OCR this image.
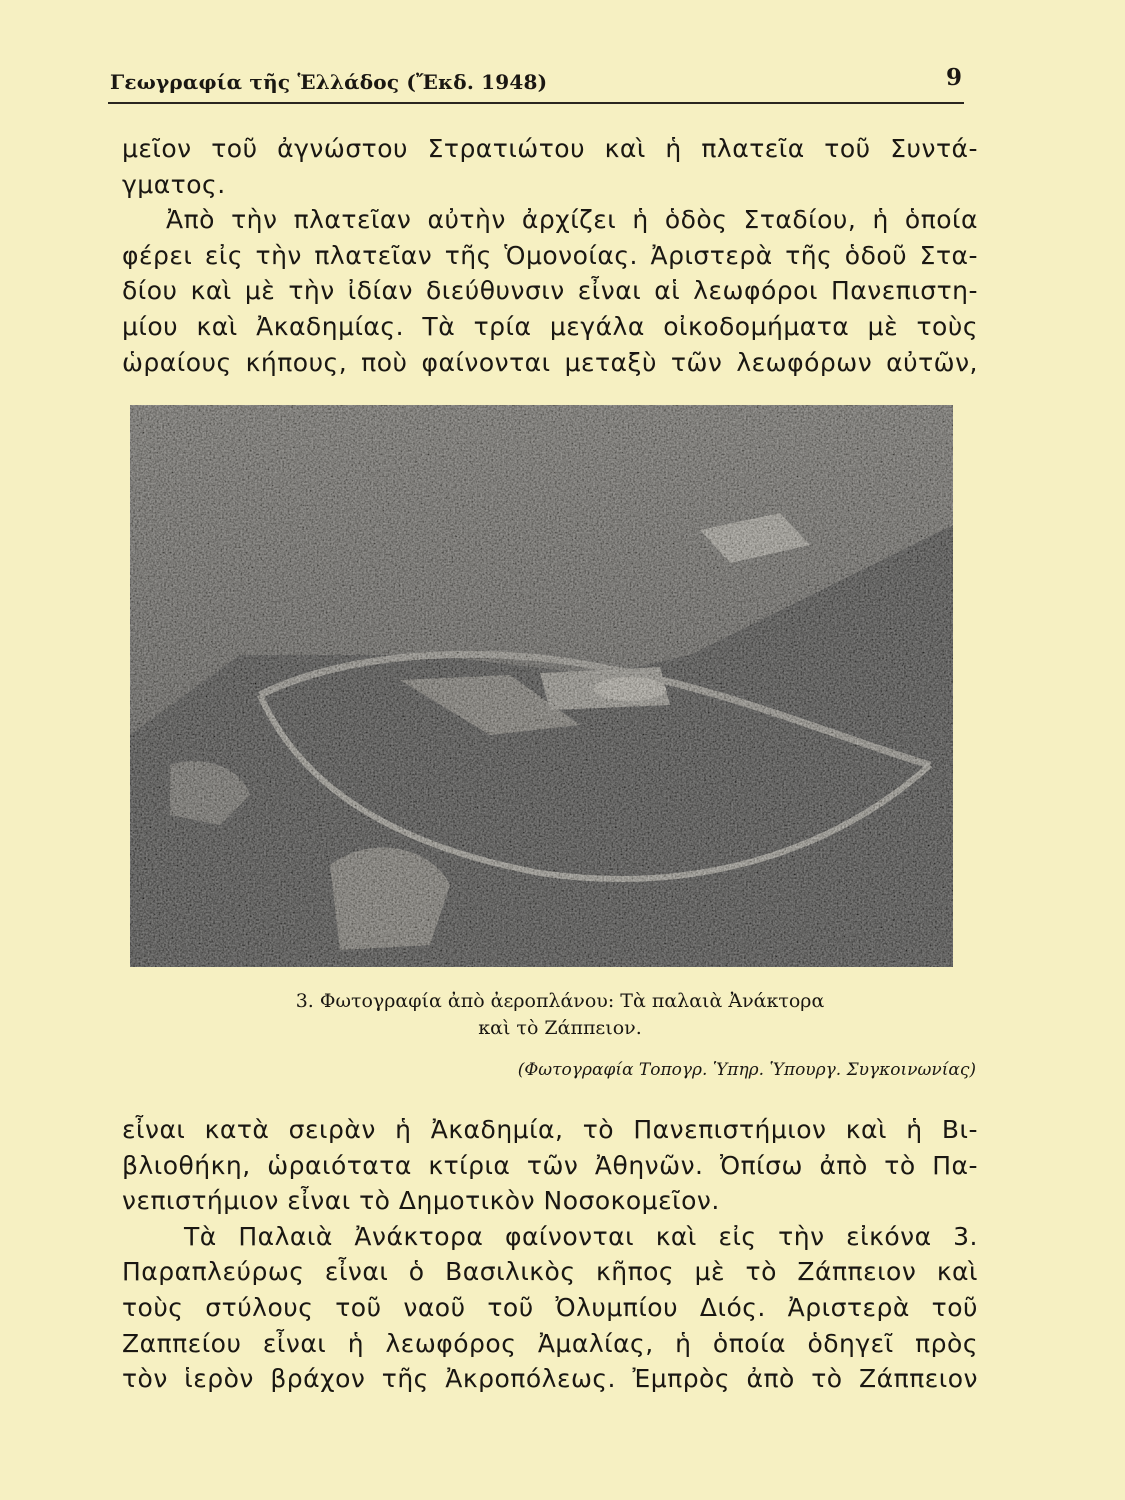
Γεωγραφία τῆς Ἑλλάδος (Ἔκδ. 1948)	9
μεῖον τοῦ ἀγνώστου Στρατιώτου καὶ ἡ πλατεῖα τοῦ Συντά-
γματος.
Ἀπὸ τὴν πλατεῖαν αὐτὴν ἀρχίζει ἡ ὁδὸς Σταδίου, ἡ ὁποία
φέρει εἰς τὴν πλατεῖαν τῆς Ὁμονοίας. Ἀριστερὰ τῆς ὁδοῦ Στα-
δίου καὶ μὲ τὴν ἰδίαν διεύθυνσιν εἶναι αἱ λεωφόροι Πανεπιστη-
μίου καὶ Ἀκαδημίας. Τὰ τρία μεγάλα οἰκοδομήματα μὲ τοὺς
ὡραίους κήπους, ποὺ φαίνονται μεταξὺ τῶν λεωφόρων αὐτῶν,
3. Φωτογραφία ἀπὸ ἀεροπλάνου: Τὰ παλαιὰ Ἀνάκτορα
καὶ τὸ Ζάππειον.
(Φωτογραφία Τοπογρ. Ὑπηρ. Ὑπουργ. Συγκοινωνίας)
εἶναι κατὰ σειρὰν ἡ Ἀκαδημία, τὸ Πανεπιστήμιον καὶ ἡ Βι-
βλιοθήκη, ὡραιότατα κτίρια τῶν Ἀθηνῶν. Ὀπίσω ἀπὸ τὸ Πα-
νεπιστήμιον εἶναι τὸ Δημοτικὸν Νοσοκομεῖον.
Τὰ Παλαιὰ Ἀνάκτορα φαίνονται καὶ εἰς τὴν εἰκόνα 3.
Παραπλεύρως εἶναι ὁ Βασιλικὸς κῆπος μὲ τὸ Ζάππειον καὶ
τοὺς στύλους τοῦ ναοῦ τοῦ Ὀλυμπίου Διός. Ἀριστερὰ τοῦ
Ζαππείου εἶναι ἡ λεωφόρος Ἀμαλίας, ἡ ὁποία ὁδηγεῖ πρὸς
τὸν ἱερὸν βράχον τῆς Ἀκροπόλεως. Ἐμπρὸς ἀπὸ τὸ Ζάππειον
